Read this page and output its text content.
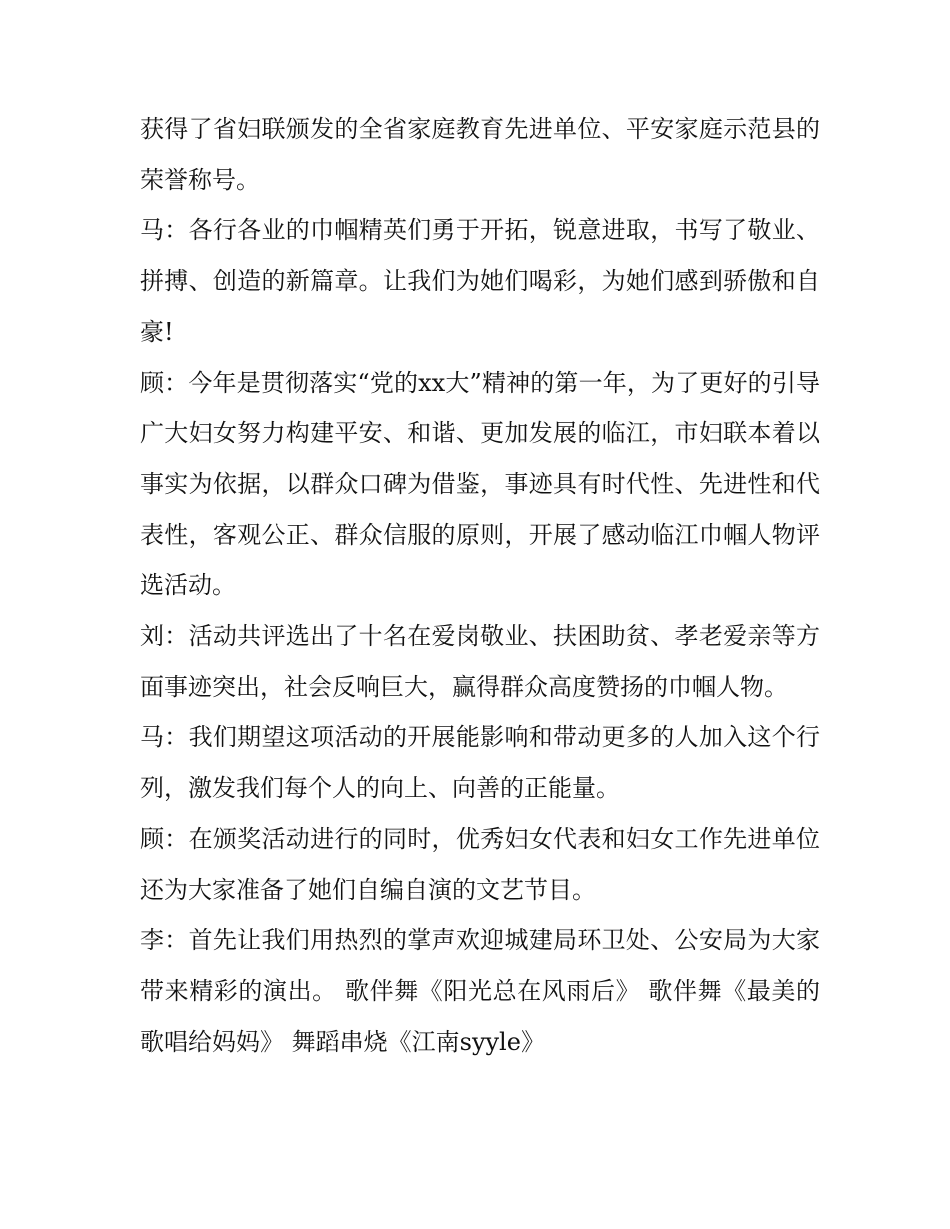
获得了省妇联颁发的全省家庭教育先进单位、平安家庭示范县的荣誉称号。

马：各行各业的巾帼精英们勇于开拓，锐意进取，书写了敬业、拼搏、创造的新篇章。让我们为她们喝彩，为她们感到骄傲和自豪!

顾：今年是贯彻落实“党的xx大”精神的第一年，为了更好的引导广大妇女努力构建平安、和谐、更加发展的临江，市妇联本着以事实为依据，以群众口碑为借鉴，事迹具有时代性、先进性和代表性，客观公正、群众信服的原则，开展了感动临江巾帼人物评选活动。

刘：活动共评选出了十名在爱岗敬业、扶困助贫、孝老爱亲等方面事迹突出，社会反响巨大，赢得群众高度赞扬的巾帼人物。

马：我们期望这项活动的开展能影响和带动更多的人加入这个行列，激发我们每个人的向上、向善的正能量。

顾：在颁奖活动进行的同时，优秀妇女代表和妇女工作先进单位还为大家准备了她们自编自演的文艺节目。

李：首先让我们用热烈的掌声欢迎城建局环卫处、公安局为大家带来精彩的演出。 歌伴舞《阳光总在风雨后》 歌伴舞《最美的歌唱给妈妈》 舞蹈串烧《江南syyle》
